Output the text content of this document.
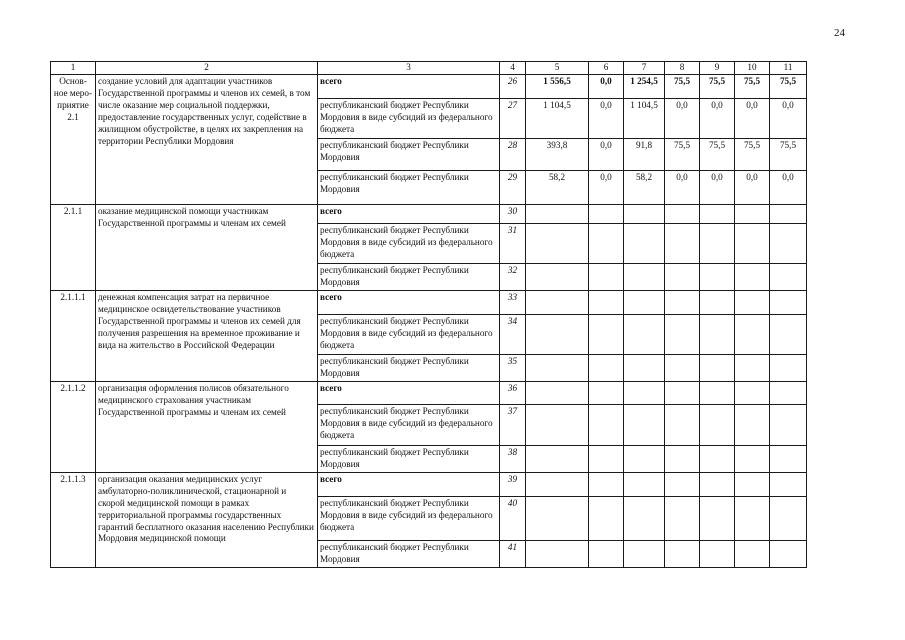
24
1	2	3	4	5	6	7	8	9	10	11
Основ-ное меро-приятие 2.1	создание условий для адаптации участников Государственной программы и членов их семей, в том числе оказание мер социальной поддержки, предоставление государственных услуг, содействие в жилищном обустройстве, в целях их закрепления на территории Республики Мордовия	всего	26	1 556,5	0,0	1 254,5	75,5	75,5	75,5	75,5
		республиканский бюджет Республики Мордовия в виде субсидий из федерального бюджета	27	1 104,5	0,0	1 104,5	0,0	0,0	0,0	0,0
		республиканский бюджет Республики Мордовия	28	393,8	0,0	91,8	75,5	75,5	75,5	75,5
		республиканский бюджет Республики Мордовия	29	58,2	0,0	58,2	0,0	0,0	0,0	0,0
2.1.1	оказание медицинской помощи участникам Государственной программы и членам их семей	всего	30							
		республиканский бюджет Республики Мордовия в виде субсидий из федерального бюджета	31							
		республиканский бюджет Республики Мордовия	32							
2.1.1.1	денежная компенсация затрат на первичное медицинское освидетельствование участников Государственной программы и членов их семей для получения разрешения на временное проживание и вида на жительство в Российской Федерации	всего	33							
		республиканский бюджет Республики Мордовия в виде субсидий из федерального бюджета	34							
		республиканский бюджет Республики Мордовия	35							
2.1.1.2	организация оформления полисов обязательного медицинского страхования участникам Государственной программы и членам их семей	всего	36							
		республиканский бюджет Республики Мордовия в виде субсидий из федерального бюджета	37							
		республиканский бюджет Республики Мордовия	38							
2.1.1.3	организация оказания медицинских услуг амбулаторно-поликлинической, стационарной и скорой медицинской помощи в рамках территориальной программы государственных гарантий бесплатного оказания населению Республики Мордовия медицинской помощи	всего	39							
		республиканский бюджет Республики Мордовия в виде субсидий из федерального бюджета	40							
		республиканский бюджет Республики Мордовия	41							
